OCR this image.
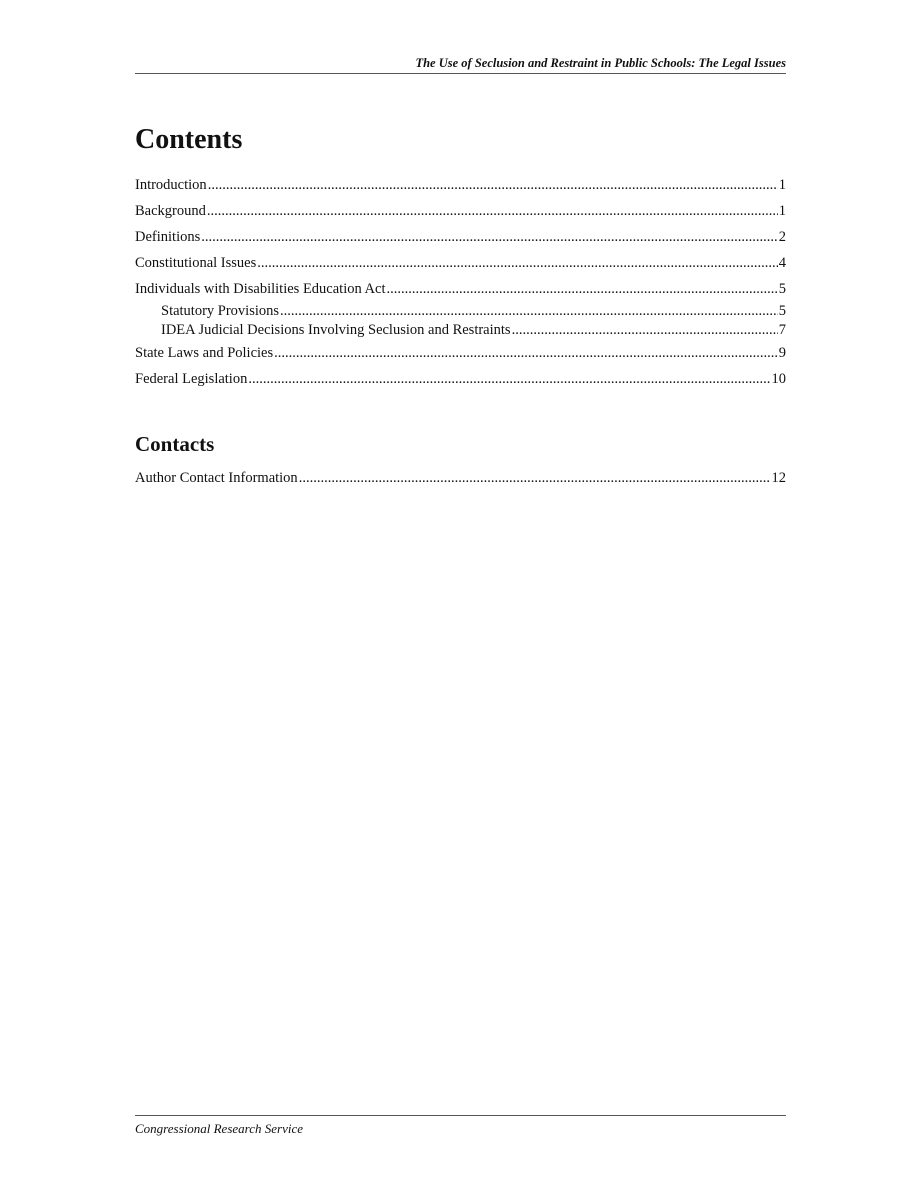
The Use of Seclusion and Restraint in Public Schools: The Legal Issues
Contents
Introduction .....	1
Background .....	1
Definitions .....	2
Constitutional Issues .....	4
Individuals with Disabilities Education Act .....	5
Statutory Provisions .....	5
IDEA Judicial Decisions Involving Seclusion and Restraints .....	7
State Laws and Policies .....	9
Federal Legislation .....	10
Contacts
Author Contact Information .....	12
Congressional Research Service
